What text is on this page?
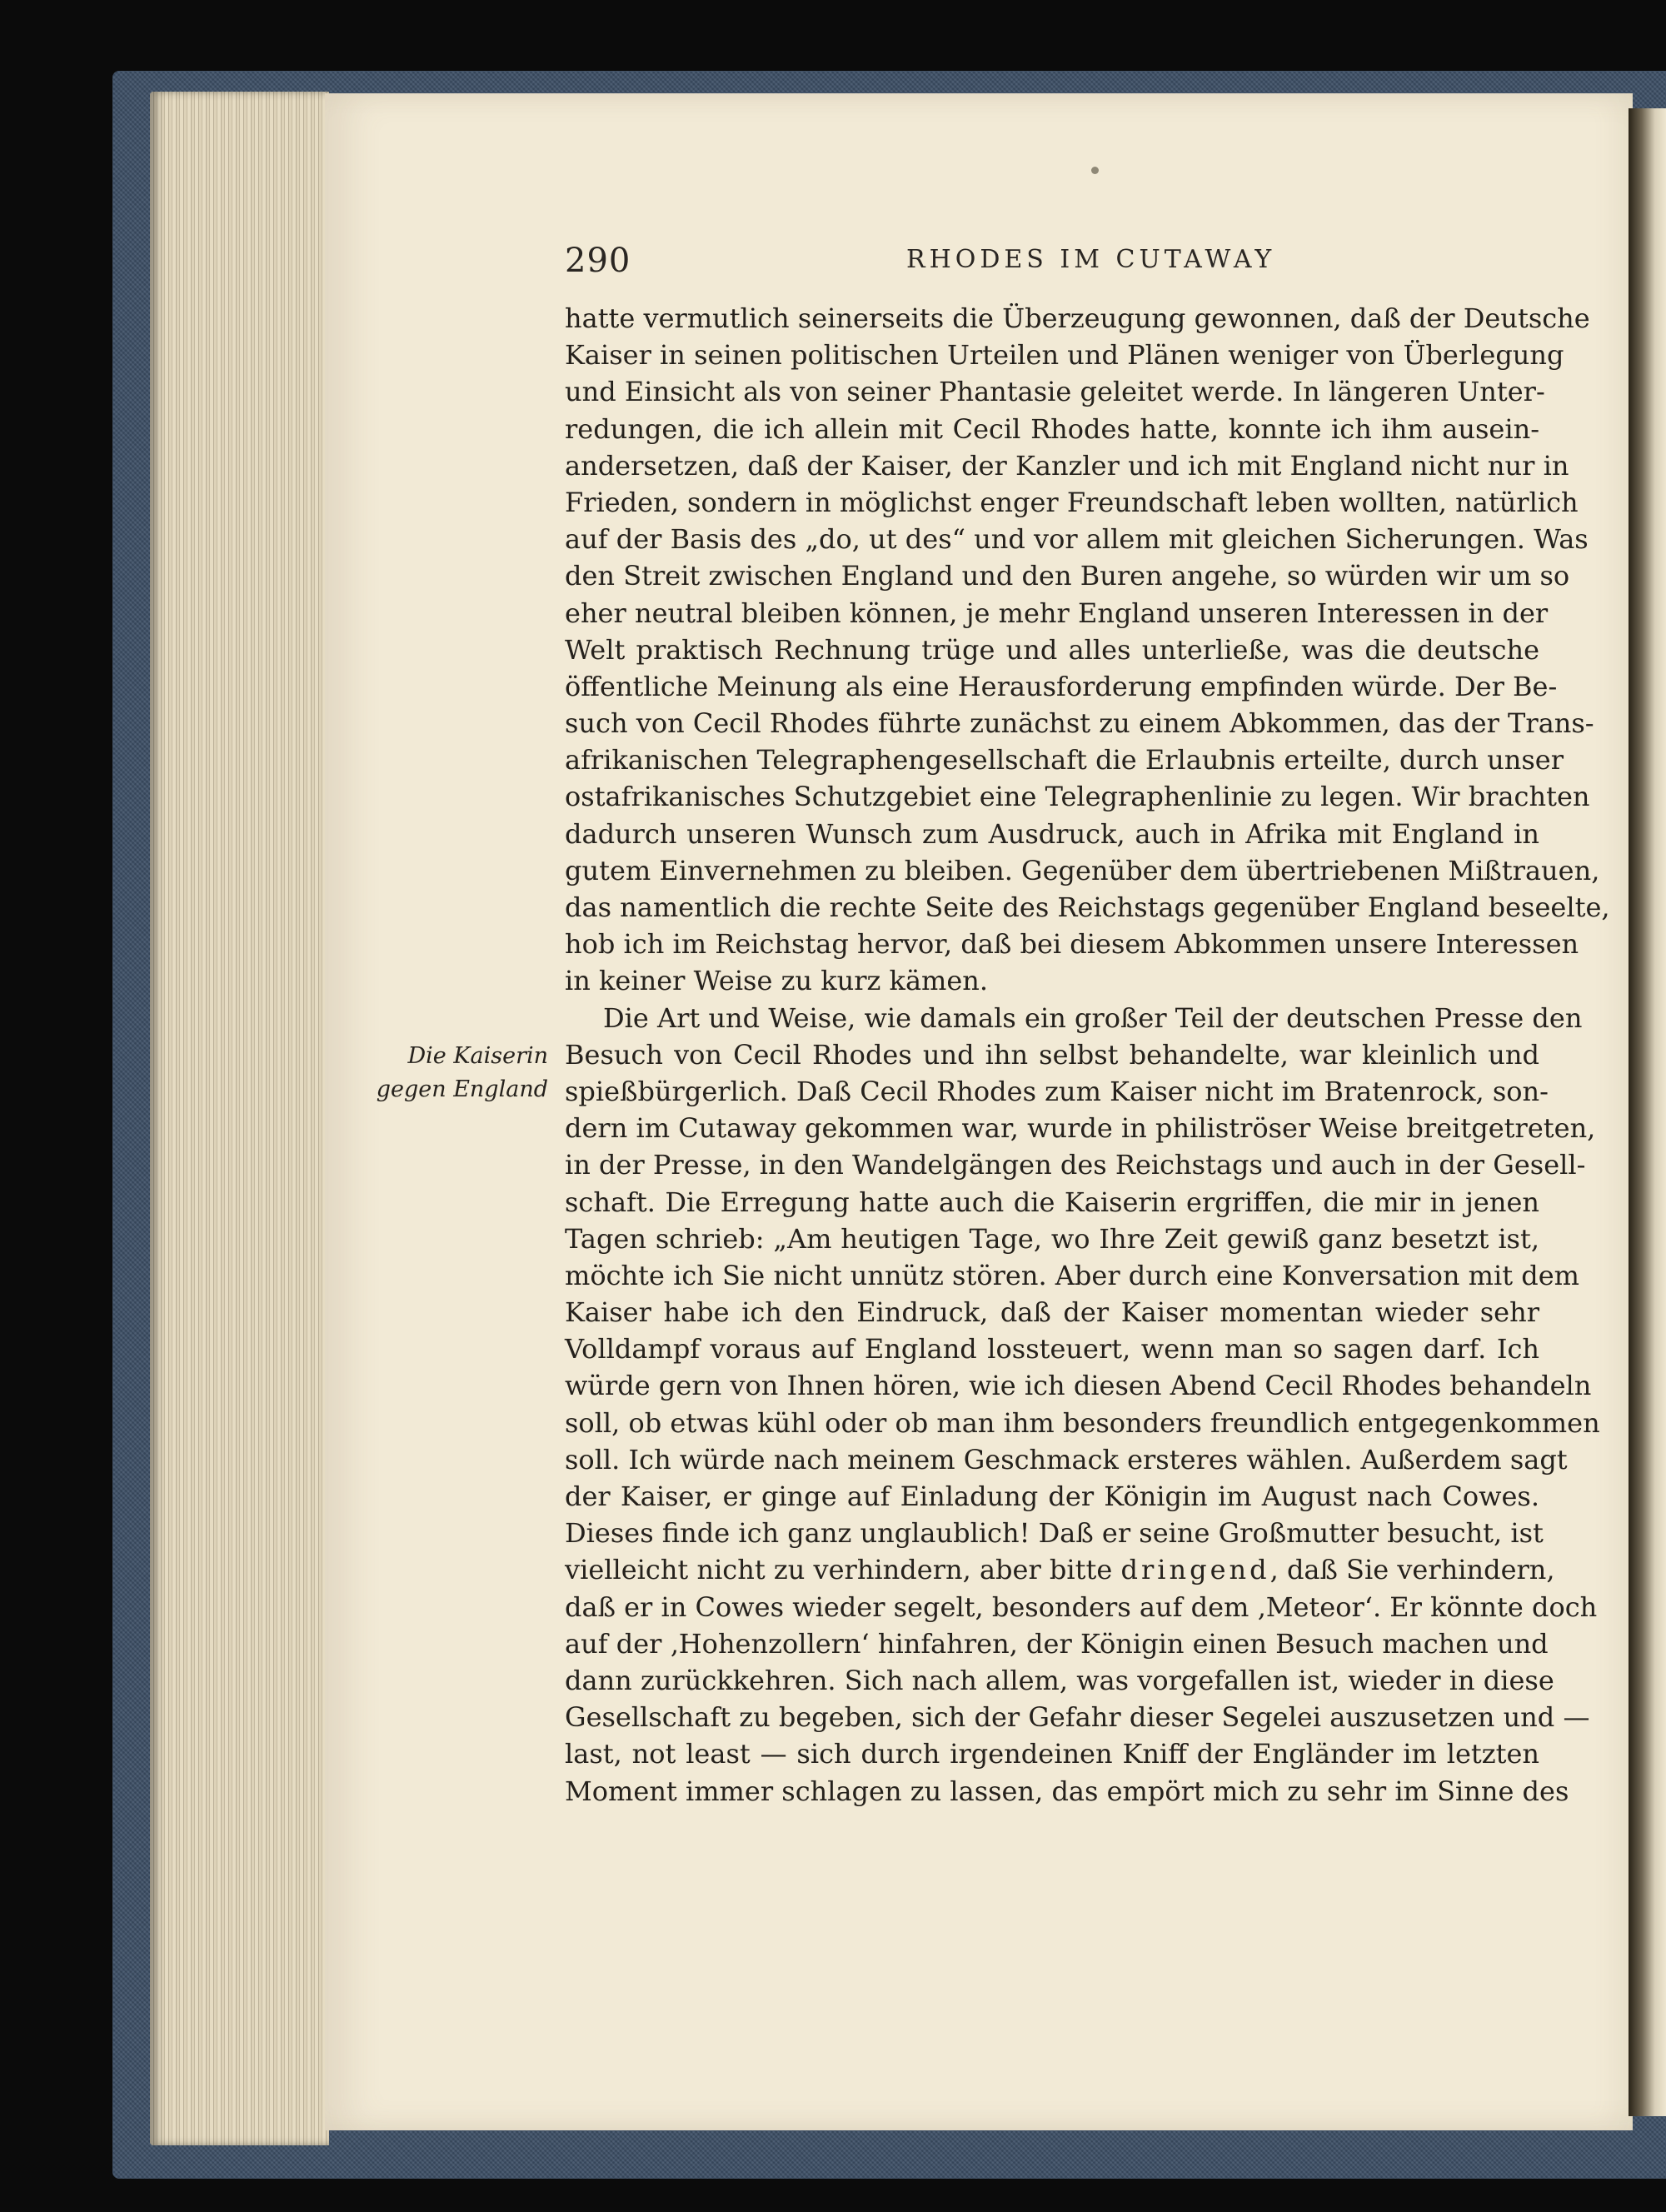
290	RHODES IM CUTAWAY
Die Kaiserin
gegen England
hatte vermutlich seinerseits die Überzeugung gewonnen, daß der Deutsche
Kaiser in seinen politischen Urteilen und Plänen weniger von Überlegung
und Einsicht als von seiner Phantasie geleitet werde. In längeren Unter-
redungen, die ich allein mit Cecil Rhodes hatte, konnte ich ihm ausein-
andersetzen, daß der Kaiser, der Kanzler und ich mit England nicht nur in
Frieden, sondern in möglichst enger Freundschaft leben wollten, natürlich
auf der Basis des „do, ut des“ und vor allem mit gleichen Sicherungen. Was
den Streit zwischen England und den Buren angehe, so würden wir um so
eher neutral bleiben können, je mehr England unseren Interessen in der
Welt praktisch Rechnung trüge und alles unterließe, was die deutsche
öffentliche Meinung als eine Herausforderung empfinden würde. Der Be-
such von Cecil Rhodes führte zunächst zu einem Abkommen, das der Trans-
afrikanischen Telegraphengesellschaft die Erlaubnis erteilte, durch unser
ostafrikanisches Schutzgebiet eine Telegraphenlinie zu legen. Wir brachten
dadurch unseren Wunsch zum Ausdruck, auch in Afrika mit England in
gutem Einvernehmen zu bleiben. Gegenüber dem übertriebenen Mißtrauen,
das namentlich die rechte Seite des Reichstags gegenüber England beseelte,
hob ich im Reichstag hervor, daß bei diesem Abkommen unsere Interessen
in keiner Weise zu kurz kämen.
Die Art und Weise, wie damals ein großer Teil der deutschen Presse den
Besuch von Cecil Rhodes und ihn selbst behandelte, war kleinlich und
spießbürgerlich. Daß Cecil Rhodes zum Kaiser nicht im Bratenrock, son-
dern im Cutaway gekommen war, wurde in philiströser Weise breitgetreten,
in der Presse, in den Wandelgängen des Reichstags und auch in der Gesell-
schaft. Die Erregung hatte auch die Kaiserin ergriffen, die mir in jenen
Tagen schrieb: „Am heutigen Tage, wo Ihre Zeit gewiß ganz besetzt ist,
möchte ich Sie nicht unnütz stören. Aber durch eine Konversation mit dem
Kaiser habe ich den Eindruck, daß der Kaiser momentan wieder sehr
Volldampf voraus auf England lossteuert, wenn man so sagen darf. Ich
würde gern von Ihnen hören, wie ich diesen Abend Cecil Rhodes behandeln
soll, ob etwas kühl oder ob man ihm besonders freundlich entgegenkommen
soll. Ich würde nach meinem Geschmack ersteres wählen. Außerdem sagt
der Kaiser, er ginge auf Einladung der Königin im August nach Cowes.
Dieses finde ich ganz unglaublich! Daß er seine Großmutter besucht, ist
vielleicht nicht zu verhindern, aber bitte dringend, daß Sie verhindern,
daß er in Cowes wieder segelt, besonders auf dem ‚Meteor‘. Er könnte doch
auf der ‚Hohenzollern‘ hinfahren, der Königin einen Besuch machen und
dann zurückkehren. Sich nach allem, was vorgefallen ist, wieder in diese
Gesellschaft zu begeben, sich der Gefahr dieser Segelei auszusetzen und —
last, not least — sich durch irgendeinen Kniff der Engländer im letzten
Moment immer schlagen zu lassen, das empört mich zu sehr im Sinne des
